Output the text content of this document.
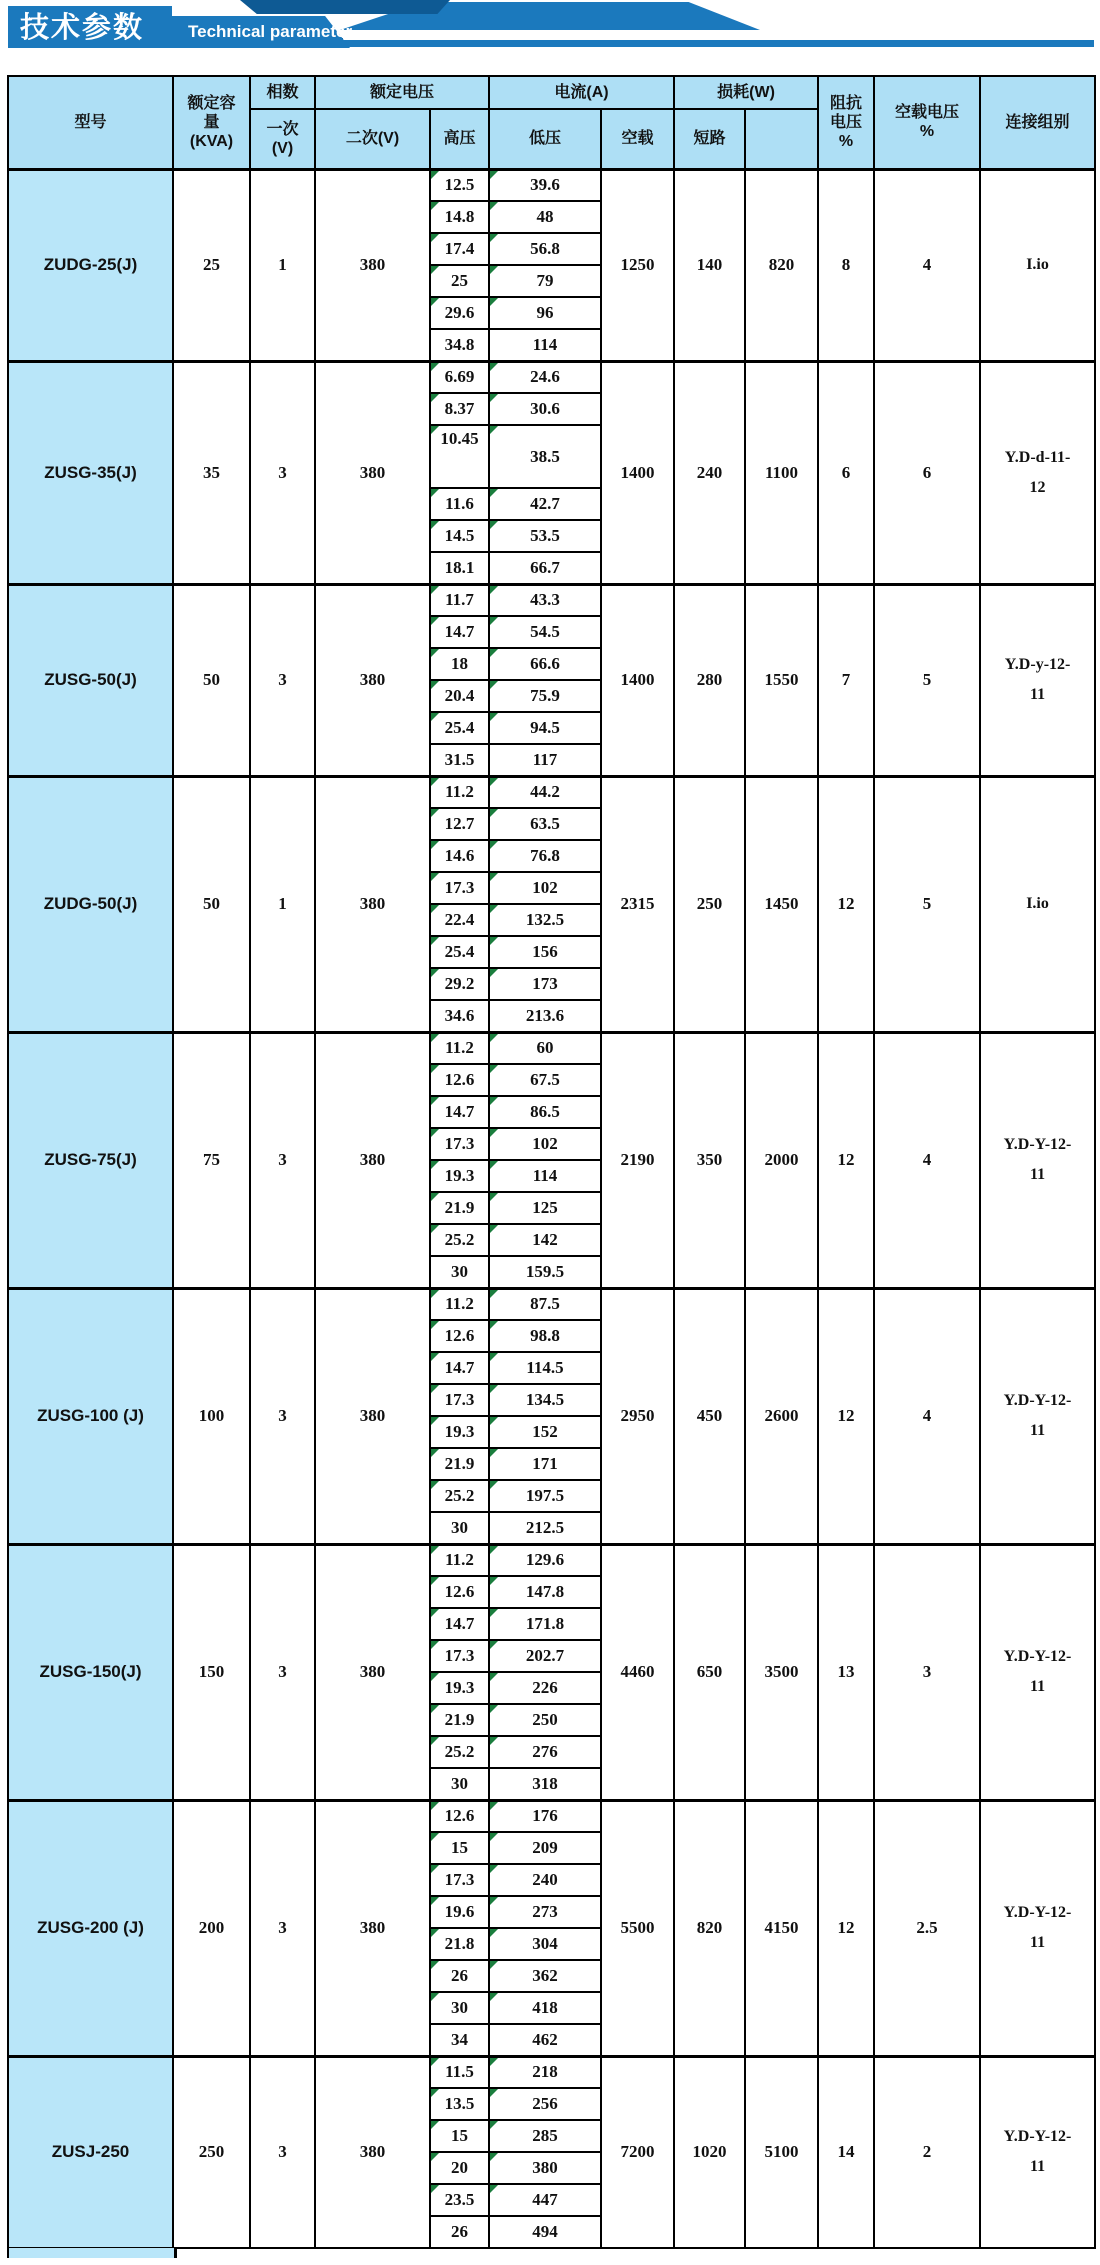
技术参数	Technical parameter
型号	额定容
量
(KVA)	相数	额定电压		电流(A)		损耗(W)		阻抗
电压
%	空载电压
%	连接组别
		一次
(V)	二次(V)	高压	低压	空载	短路				
ZUDG-25(J)	25	1	380	12.5	39.6	1250	140	820	8	4	I.io
				14.8	48						
				17.4	56.8						
				25	79						
				29.6	96						
				34.8	114						
ZUSG-35(J)	35	3	380	6.69	24.6	1400	240	1100	6	6	Y.D-d-11-
12
				8.37	30.6						
				10.45	38.5						
				11.6	42.7						
				14.5	53.5						
				18.1	66.7						
ZUSG-50(J)	50	3	380	11.7	43.3	1400	280	1550	7	5	Y.D-y-12-
11
				14.7	54.5						
				18	66.6						
				20.4	75.9						
				25.4	94.5						
				31.5	117						
ZUDG-50(J)	50	1	380	11.2	44.2	2315	250	1450	12	5	I.io
				12.7	63.5						
				14.6	76.8						
				17.3	102						
				22.4	132.5						
				25.4	156						
				29.2	173						
				34.6	213.6						
ZUSG-75(J)	75	3	380	11.2	60	2190	350	2000	12	4	Y.D-Y-12-
11
				12.6	67.5						
				14.7	86.5						
				17.3	102						
				19.3	114						
				21.9	125						
				25.2	142						
				30	159.5						
ZUSG-100 (J)	100	3	380	11.2	87.5	2950	450	2600	12	4	Y.D-Y-12-
11
				12.6	98.8						
				14.7	114.5						
				17.3	134.5						
				19.3	152						
				21.9	171						
				25.2	197.5						
				30	212.5						
ZUSG-150(J)	150	3	380	11.2	129.6	4460	650	3500	13	3	Y.D-Y-12-
11
				12.6	147.8						
				14.7	171.8						
				17.3	202.7						
				19.3	226						
				21.9	250						
				25.2	276						
				30	318						
ZUSG-200 (J)	200	3	380	12.6	176	5500	820	4150	12	2.5	Y.D-Y-12-
11
				15	209						
				17.3	240						
				19.6	273						
				21.8	304						
				26	362						
				30	418						
				34	462						
ZUSJ-250	250	3	380	11.5	218	7200	1020	5100	14	2	Y.D-Y-12-
11
				13.5	256						
				15	285						
				20	380						
				23.5	447						
				26	494						
